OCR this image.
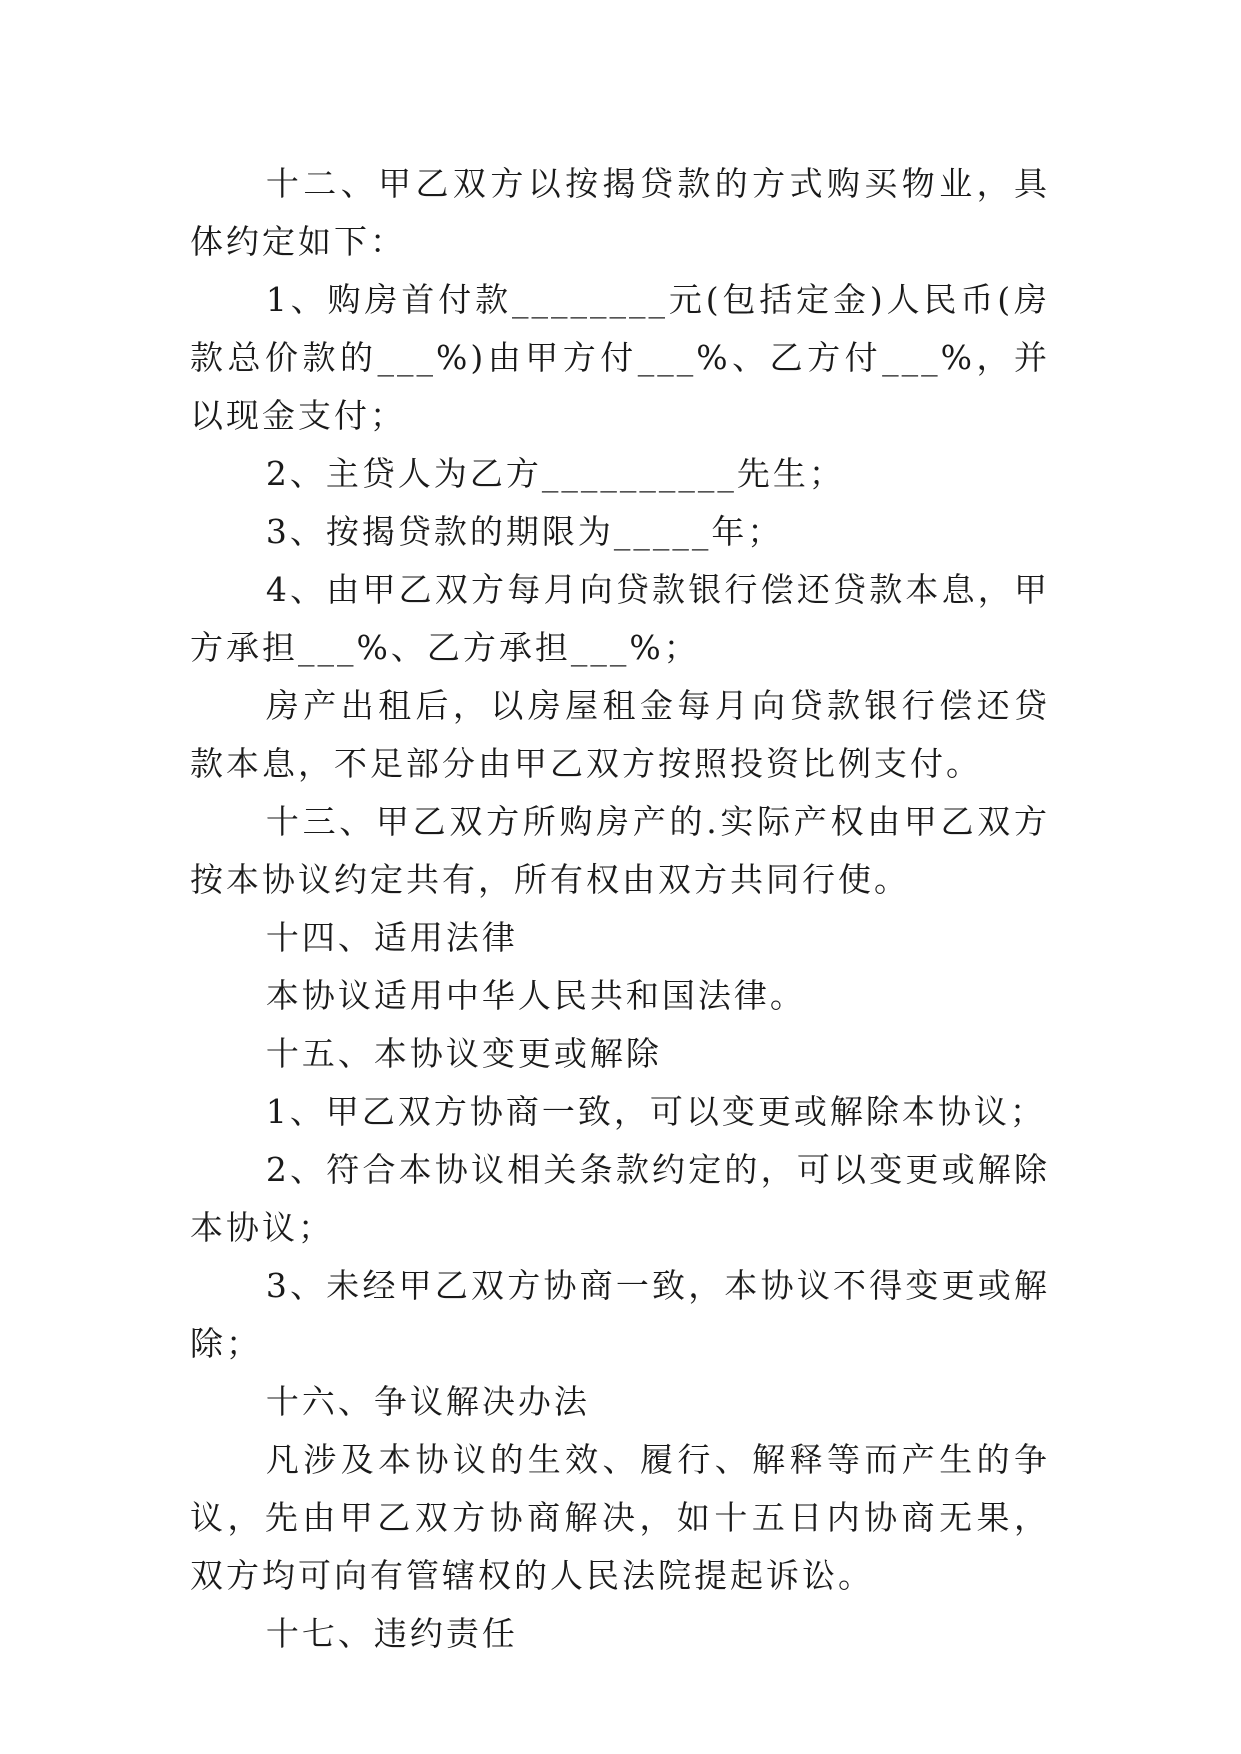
十二、甲乙双方以按揭贷款的方式购买物业，具体约定如下：

1、购房首付款________元(包括定金)人民币(房款总价款的___%)由甲方付___%、乙方付___%，并以现金支付；

2、主贷人为乙方__________先生；

3、按揭贷款的期限为_____年；

4、由甲乙双方每月向贷款银行偿还贷款本息，甲方承担___%、乙方承担___%；

房产出租后，以房屋租金每月向贷款银行偿还贷款本息，不足部分由甲乙双方按照投资比例支付。

十三、甲乙双方所购房产的.实际产权由甲乙双方按本协议约定共有，所有权由双方共同行使。

十四、适用法律

本协议适用中华人民共和国法律。

十五、本协议变更或解除

1、甲乙双方协商一致，可以变更或解除本协议；

2、符合本协议相关条款约定的，可以变更或解除本协议；

3、未经甲乙双方协商一致，本协议不得变更或解除；

十六、争议解决办法

凡涉及本协议的生效、履行、解释等而产生的争议，先由甲乙双方协商解决，如十五日内协商无果，双方均可向有管辖权的人民法院提起诉讼。

十七、违约责任
